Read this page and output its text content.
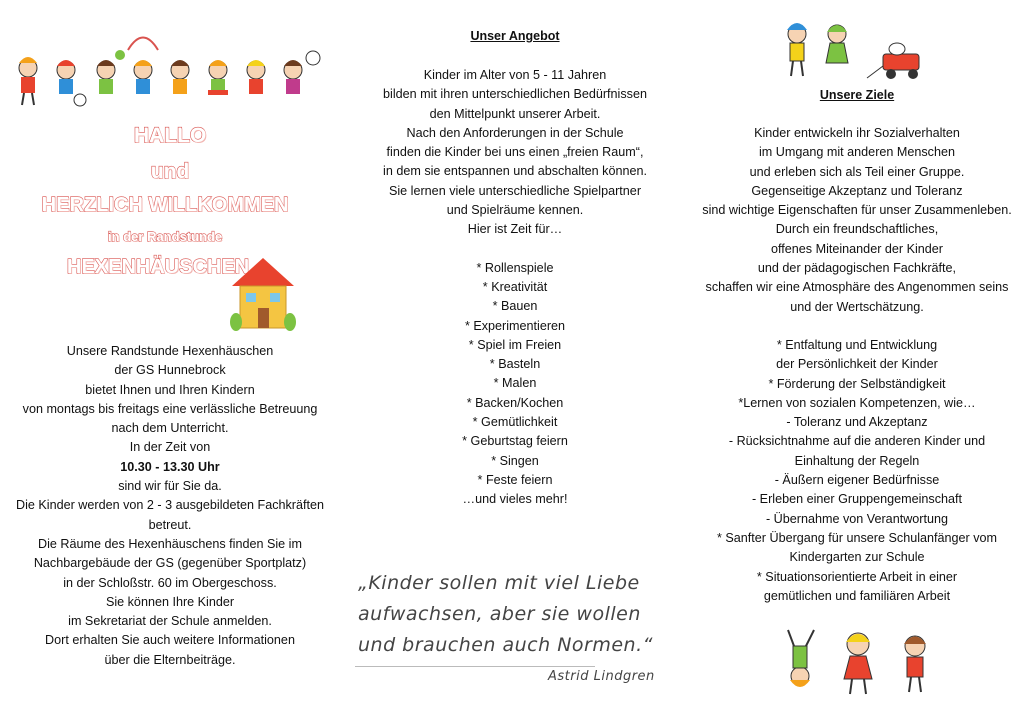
HALLO
und
HERZLICH WILLKOMMEN
in der Randstunde
HEXENHÄUSCHEN
Unsere Randstunde Hexenhäuschen
der GS Hunnebrock
bietet Ihnen und Ihren Kindern
von montags bis freitags eine verlässliche Betreuung
nach dem Unterricht.
In der Zeit von
10.30 - 13.30 Uhr
sind wir für Sie da.
Die Kinder werden von 2 - 3 ausgebildeten Fachkräften
betreut.
Die Räume des Hexenhäuschens finden Sie im
Nachbargebäude der GS (gegenüber Sportplatz)
in der Schloßstr. 60 im Obergeschoss.
Sie können Ihre Kinder
im Sekretariat der Schule anmelden.
Dort erhalten Sie auch weitere Informationen
über die Elternbeiträge.
Unser Angebot
Kinder im Alter von 5 - 11 Jahren
bilden mit ihren unterschiedlichen Bedürfnissen
den Mittelpunkt unserer Arbeit.
Nach den Anforderungen in der Schule
finden die Kinder bei uns einen „freien Raum“,
in dem sie entspannen und abschalten können.
Sie lernen viele unterschiedliche Spielpartner
und Spielräume kennen.
Hier ist Zeit für…
* Rollenspiele
* Kreativität
* Bauen
* Experimentieren
* Spiel im Freien
* Basteln
* Malen
* Backen/Kochen
* Gemütlichkeit
* Geburtstag feiern
* Singen
* Feste feiern
…und vieles mehr!
„Kinder sollen mit viel Liebe
aufwachsen, aber sie wollen
und brauchen auch Normen.“
Astrid Lindgren
Unsere Ziele
Kinder entwickeln ihr Sozialverhalten
im Umgang mit anderen Menschen
und erleben sich als Teil einer Gruppe.
Gegenseitige Akzeptanz und Toleranz
sind wichtige Eigenschaften für unser Zusammenleben.
Durch ein freundschaftliches,
offenes Miteinander der Kinder
und der pädagogischen Fachkräfte,
schaffen wir eine Atmosphäre des Angenommen seins
und der Wertschätzung.
* Entfaltung und Entwicklung
der Persönlichkeit der Kinder
* Förderung der Selbständigkeit
*Lernen von sozialen Kompetenzen, wie…
- Toleranz und Akzeptanz
- Rücksichtnahme auf die anderen Kinder und
Einhaltung der Regeln
- Äußern eigener Bedürfnisse
- Erleben einer Gruppengemeinschaft
- Übernahme von Verantwortung
* Sanfter Übergang für unsere Schulanfänger vom
Kindergarten zur Schule
* Situationsorientierte Arbeit in einer
gemütlichen und familiären Arbeit
